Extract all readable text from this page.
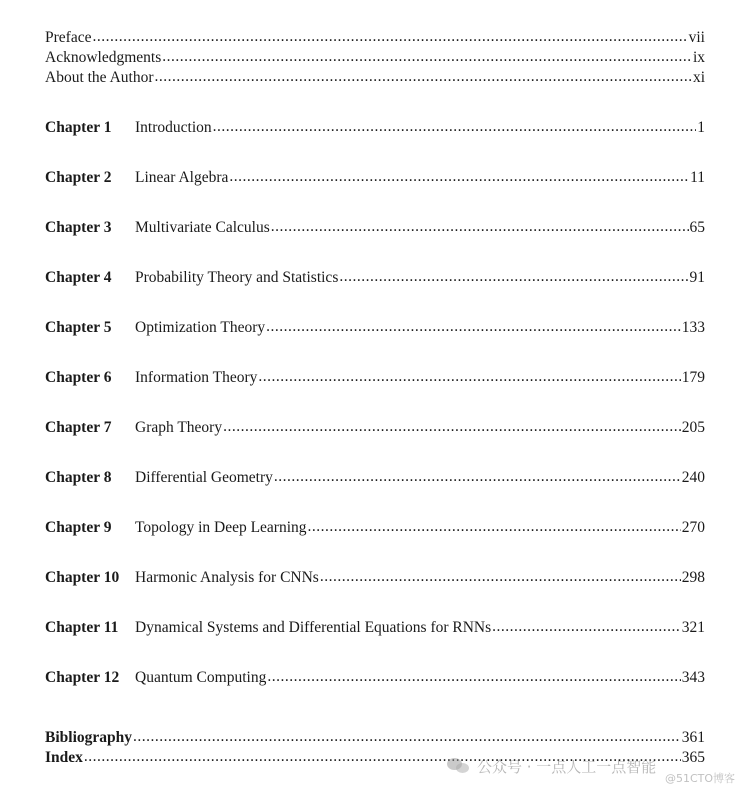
Preface .....	vii
Acknowledgments .....	ix
About the Author .....	xi
Chapter 1	Introduction .....	1
Chapter 2	Linear Algebra .....	11
Chapter 3	Multivariate Calculus .....	65
Chapter 4	Probability Theory and Statistics .....	91
Chapter 5	Optimization Theory .....	133
Chapter 6	Information Theory .....	179
Chapter 7	Graph Theory .....	205
Chapter 8	Differential Geometry .....	240
Chapter 9	Topology in Deep Learning .....	270
Chapter 10	Harmonic Analysis for CNNs .....	298
Chapter 11	Dynamical Systems and Differential Equations for RNNs .....	321
Chapter 12	Quantum Computing .....	343
Bibliography .....	361
Index .....	365
公众号 · 一点人工一点智能
@51CTO博客
